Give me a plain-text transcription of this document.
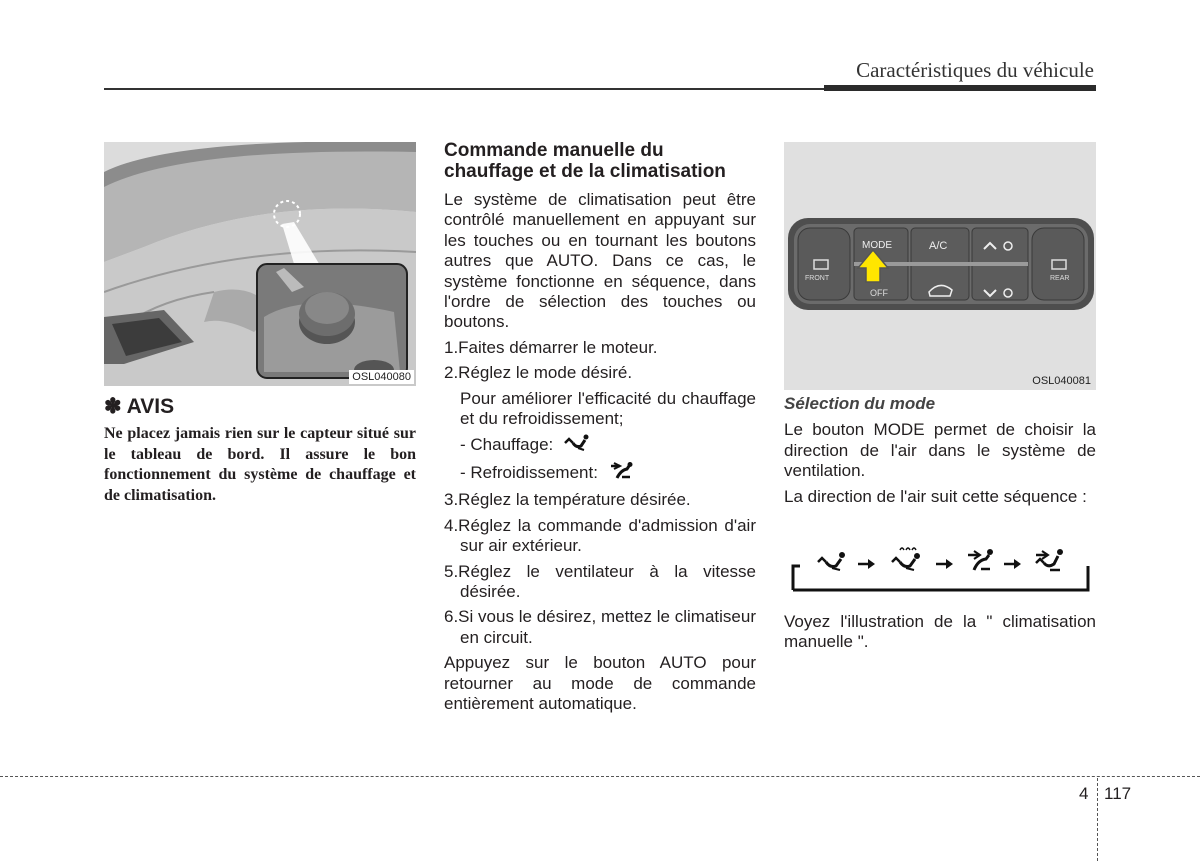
Caractéristiques du véhicule
OSL040080
✽ AVIS
Ne placez jamais rien sur le capteur situé sur le tableau de bord. Il assure le bon fonctionnement du système de chauffage et de climatisation.
Commande manuelle du chauffage et de la climatisation

Le système de climatisation peut être contrôlé manuellement en appuyant sur les touches ou en tournant les boutons autres que AUTO. Dans ce cas, le système fonctionne en séquence, dans l'ordre de sélection des touches ou boutons.

1.Faites démarrer le moteur.

2.Réglez le mode désiré.

Pour améliorer l'efficacité du chauffage et du refroidissement;

- Chauffage:

- Refroidissement:

3.Réglez la température désirée.

4.Réglez la commande d'admission d'air sur air extérieur.

5.Réglez le ventilateur à la vitesse désirée.

6.Si vous le désirez, mettez le climatiseur en circuit.

Appuyez sur le bouton AUTO pour retourner au mode de commande entièrement automatique.

MODE	A/C
FRONT	REAR
OFF
OSL040081

Sélection du mode

Le bouton MODE permet de choisir la direction de l'air dans le système de ventilation.

La direction de l'air suit cette séquence :

Voyez l'illustration de la " climatisation manuelle ".

4 117
